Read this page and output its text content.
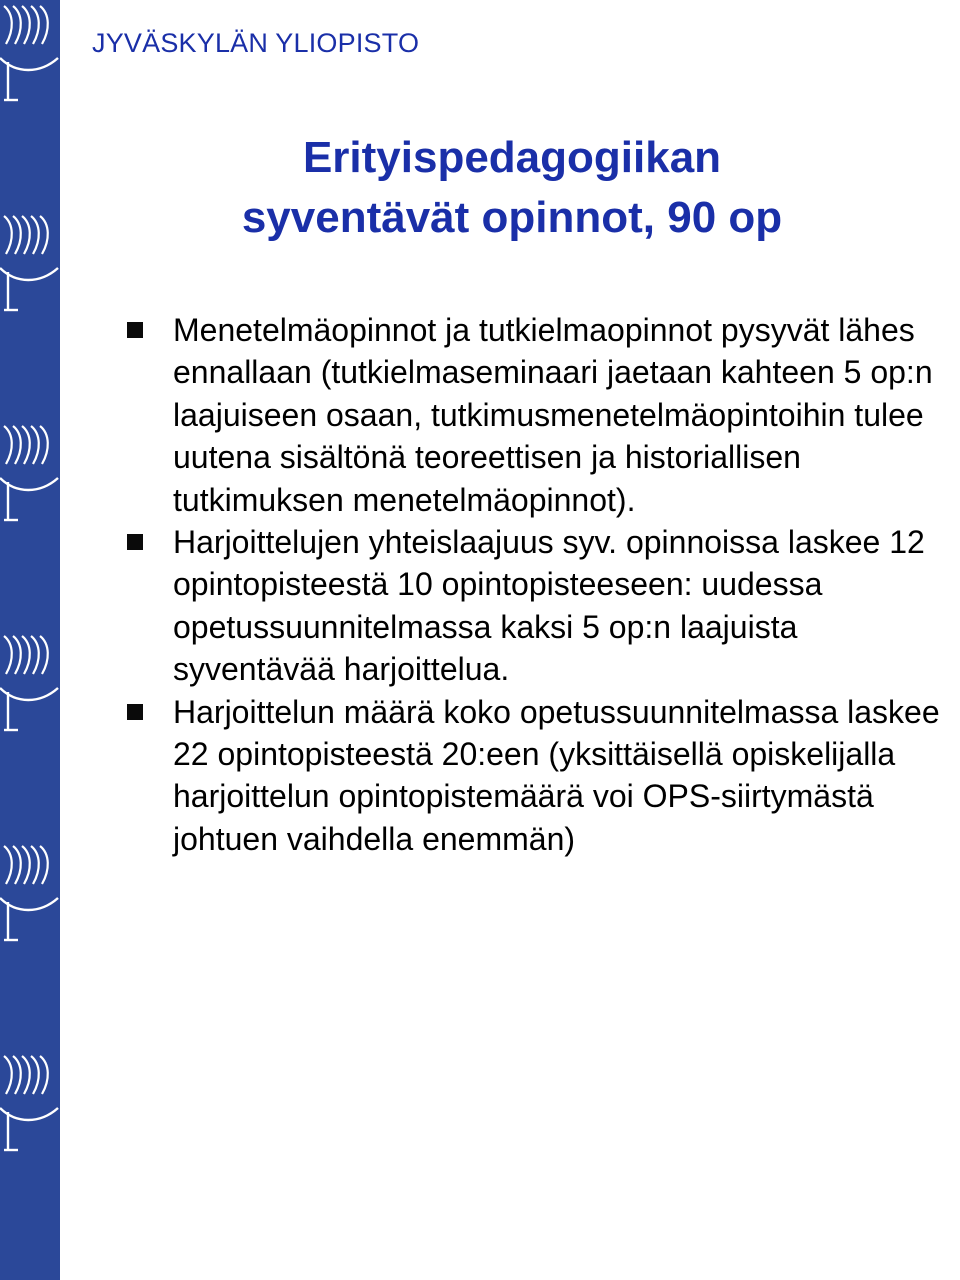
JYVÄSKYLÄN YLIOPISTO
Erityispedagogiikan
syventävät opinnot, 90 op
Menetelmäopinnot ja tutkielmaopinnot pysyvät lähes ennallaan (tutkielmaseminaari jaetaan kahteen 5 op:n laajuiseen osaan, tutkimusmenetelmäopintoihin tulee uutena sisältönä teoreettisen ja historiallisen tutkimuksen menetelmäopinnot).
Harjoittelujen yhteislaajuus syv. opinnoissa laskee 12 opintopisteestä 10 opintopisteeseen: uudessa opetussuunnitelmassa kaksi 5 op:n laajuista syventävää harjoittelua.
Harjoittelun määrä koko opetussuunnitelmassa laskee 22 opintopisteestä 20:een (yksittäisellä opiskelijalla harjoittelun opintopistemäärä voi OPS-siirtymästä johtuen vaihdella enemmän)
